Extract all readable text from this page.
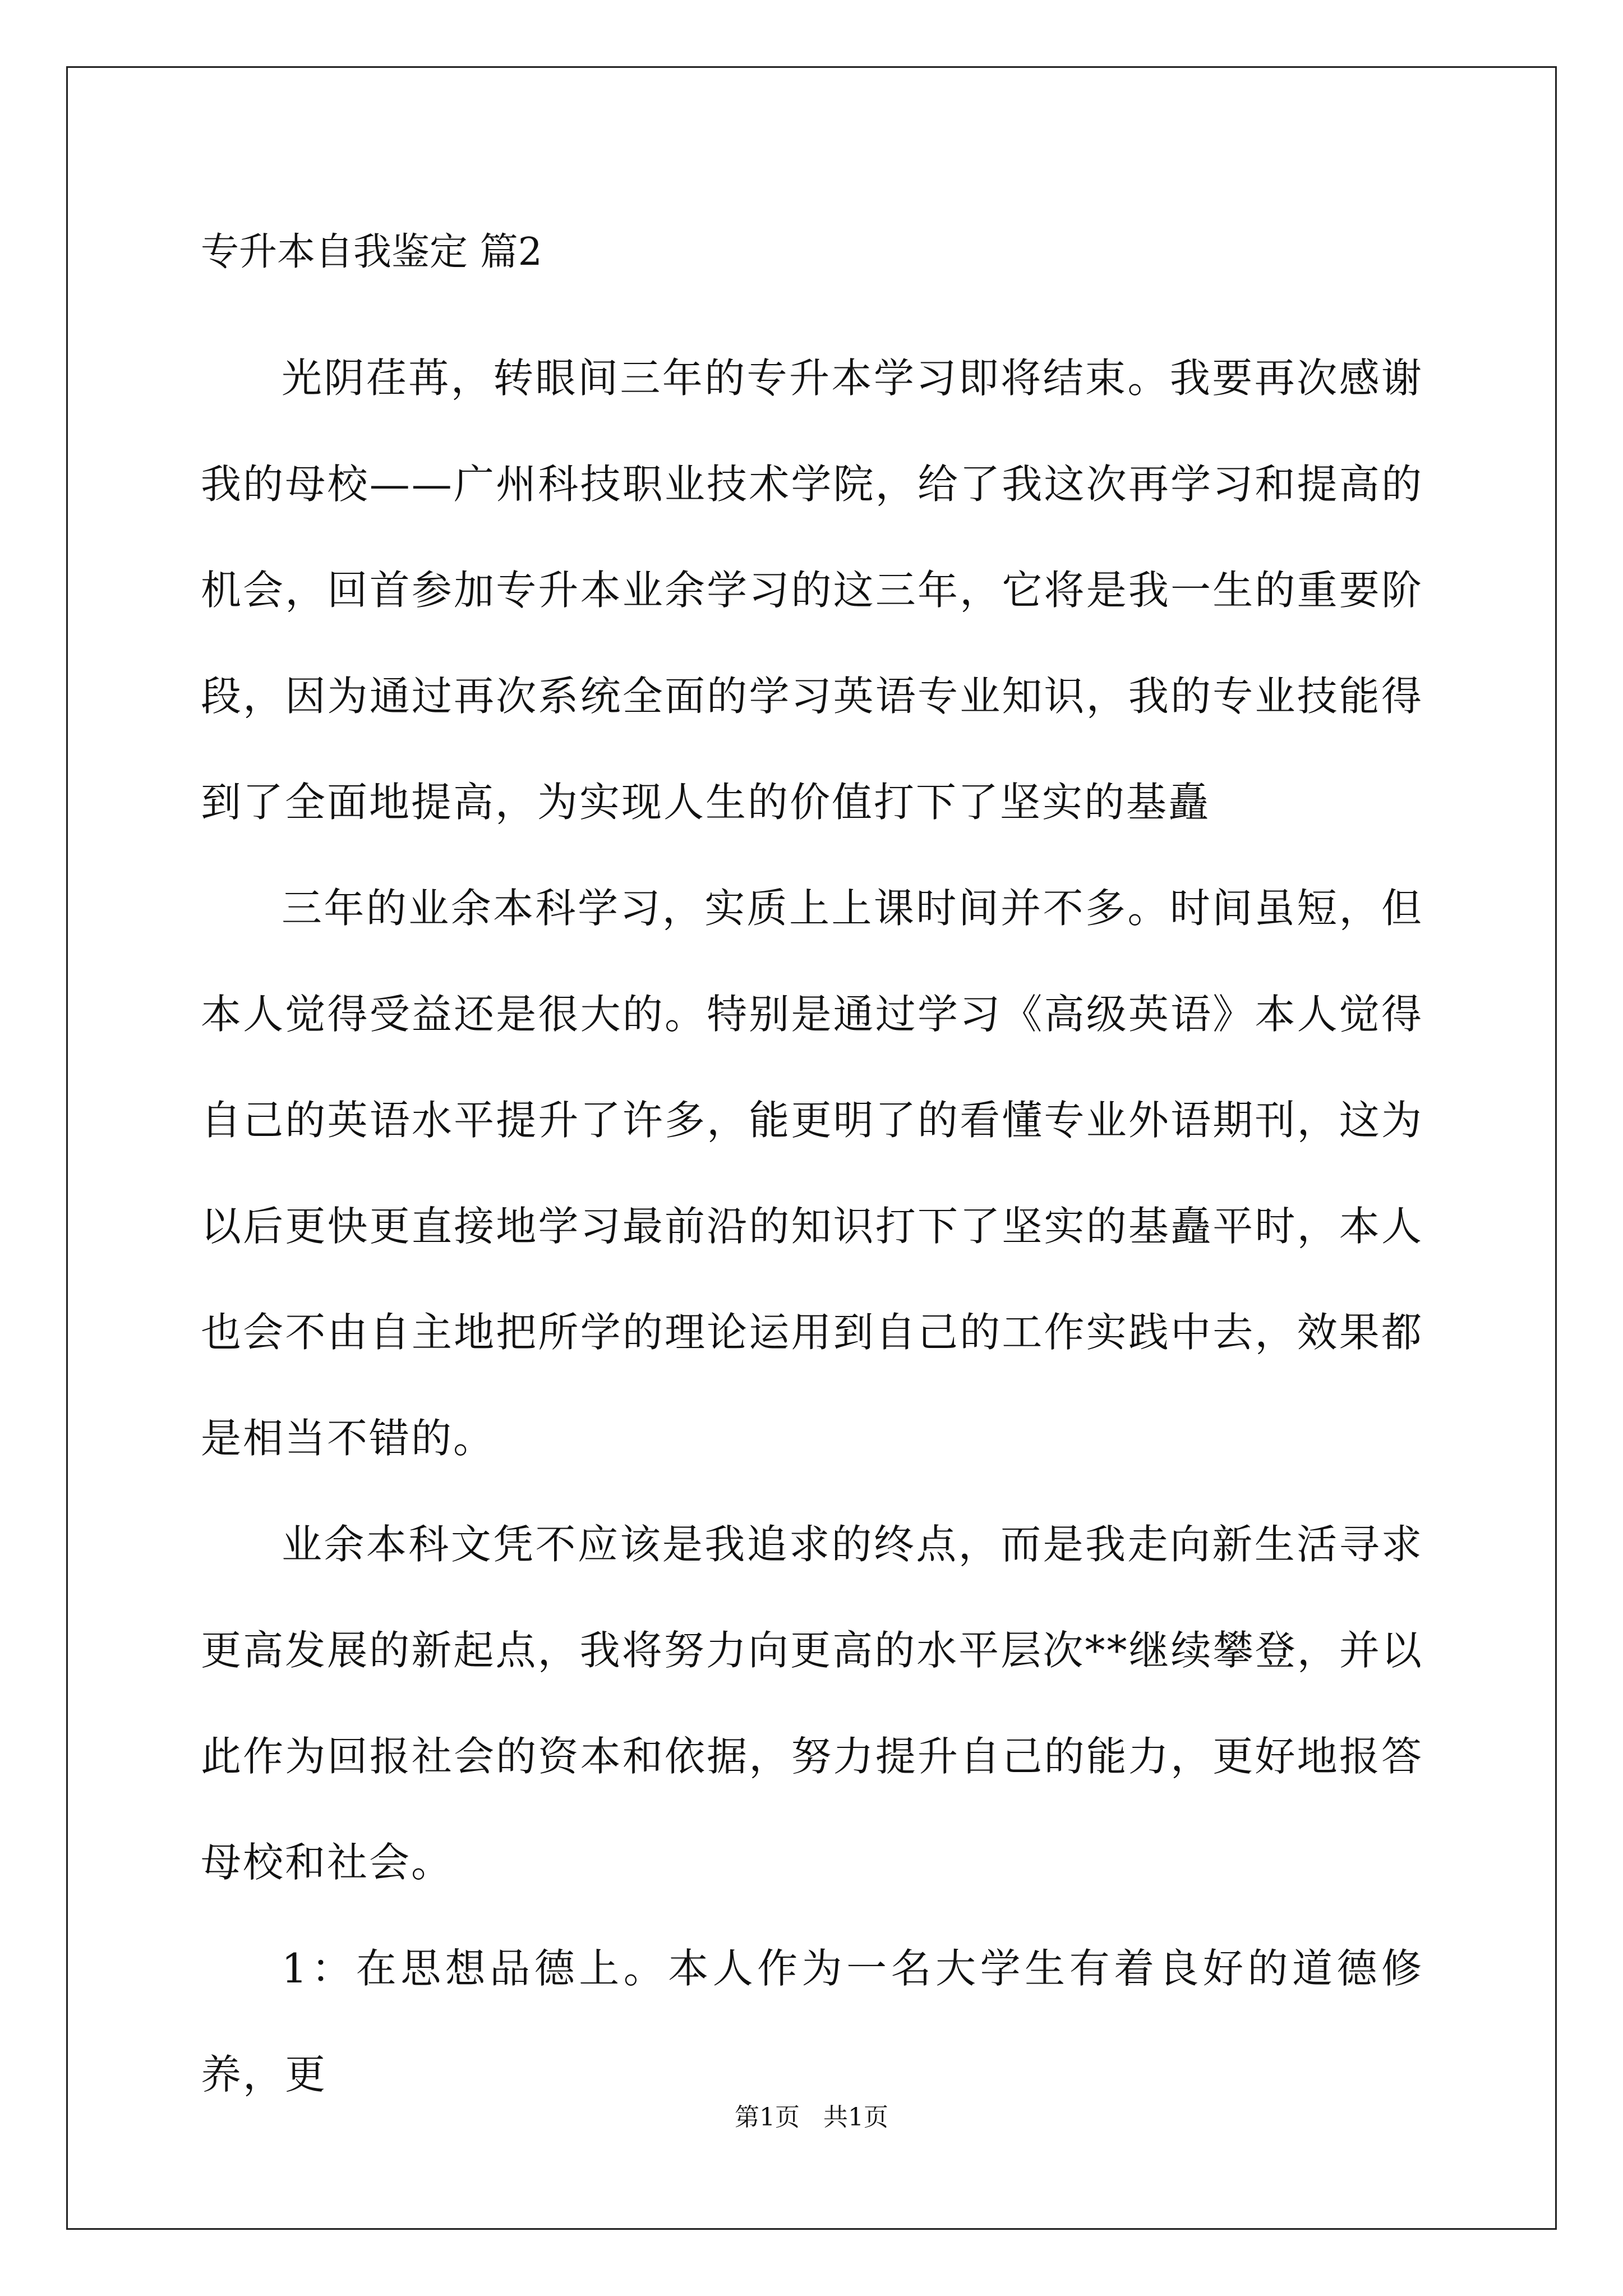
专升本自我鉴定 篇2

光阴荏苒，转眼间三年的专升本学习即将结束。我要再次感谢我的母校——广州科技职业技术学院，给了我这次再学习和提高的机会，回首参加专升本业余学习的这三年，它将是我一生的重要阶段，因为通过再次系统全面的学习英语专业知识，我的专业技能得到了全面地提高，为实现人生的价值打下了坚实的基矗

三年的业余本科学习，实质上上课时间并不多。时间虽短，但本人觉得受益还是很大的。特别是通过学习《高级英语》本人觉得自己的英语水平提升了许多，能更明了的看懂专业外语期刊，这为以后更快更直接地学习最前沿的知识打下了坚实的基矗平时，本人也会不由自主地把所学的理论运用到自己的工作实践中去，效果都是相当不错的。

业余本科文凭不应该是我追求的终点，而是我走向新生活寻求更高发展的新起点，我将努力向更高的水平层次**继续攀登，并以此作为回报社会的资本和依据，努力提升自己的能力，更好地报答母校和社会。

1：在思想品德上。本人作为一名大学生有着良好的道德修养，更

第1页   共1页
